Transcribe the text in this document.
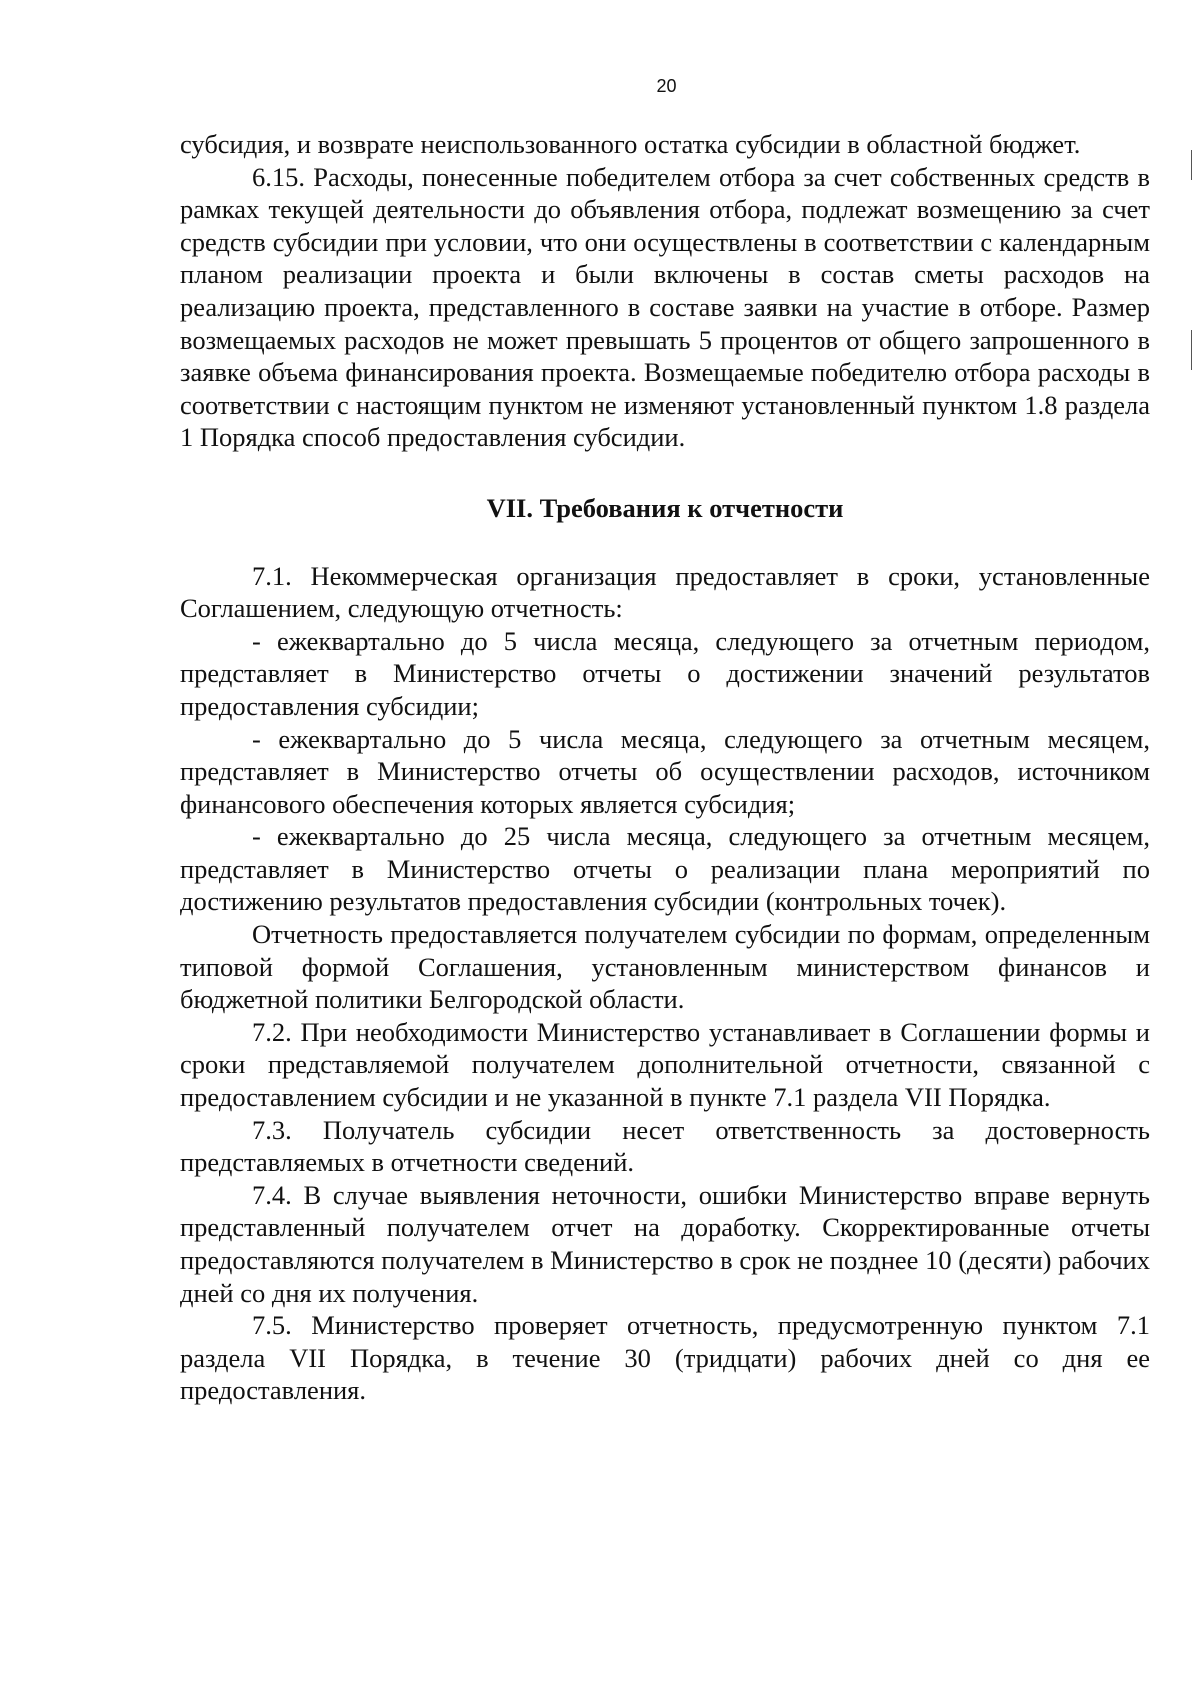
20

субсидия, и возврате неиспользованного остатка субсидии в областной бюджет.

6.15. Расходы, понесенные победителем отбора за счет собственных средств в рамках текущей деятельности до объявления отбора, подлежат возмещению за счет средств субсидии при условии, что они осуществлены в соответствии с календарным планом реализации проекта и были включены в состав сметы расходов на реализацию проекта, представленного в составе заявки на участие в отборе. Размер возмещаемых расходов не может превышать 5 процентов от общего запрошенного в заявке объема финансирования проекта. Возмещаемые победителю отбора расходы в соответствии с настоящим пунктом не изменяют установленный пунктом 1.8 раздела 1 Порядка способ предоставления субсидии.

VII. Требования к отчетности

7.1. Некоммерческая организация предоставляет в сроки, установленные Соглашением, следующую отчетность:

- ежеквартально до 5 числа месяца, следующего за отчетным периодом, представляет в Министерство отчеты о достижении значений результатов предоставления субсидии;

- ежеквартально до 5 числа месяца, следующего за отчетным месяцем, представляет в Министерство отчеты об осуществлении расходов, источником финансового обеспечения которых является субсидия;

- ежеквартально до 25 числа месяца, следующего за отчетным месяцем, представляет в Министерство отчеты о реализации плана мероприятий по достижению результатов предоставления субсидии (контрольных точек).

Отчетность предоставляется получателем субсидии по формам, определенным типовой формой Соглашения, установленным министерством финансов и бюджетной политики Белгородской области.

7.2. При необходимости Министерство устанавливает в Соглашении формы и сроки представляемой получателем дополнительной отчетности, связанной с предоставлением субсидии и не указанной в пункте 7.1 раздела VII Порядка.

7.3. Получатель субсидии несет ответственность за достоверность представляемых в отчетности сведений.

7.4. В случае выявления неточности, ошибки Министерство вправе вернуть представленный получателем отчет на доработку. Скорректированные отчеты предоставляются получателем в Министерство в срок не позднее 10 (десяти) рабочих дней со дня их получения.

7.5. Министерство проверяет отчетность, предусмотренную пунктом 7.1 раздела VII Порядка, в течение 30 (тридцати) рабочих дней со дня ее предоставления.
